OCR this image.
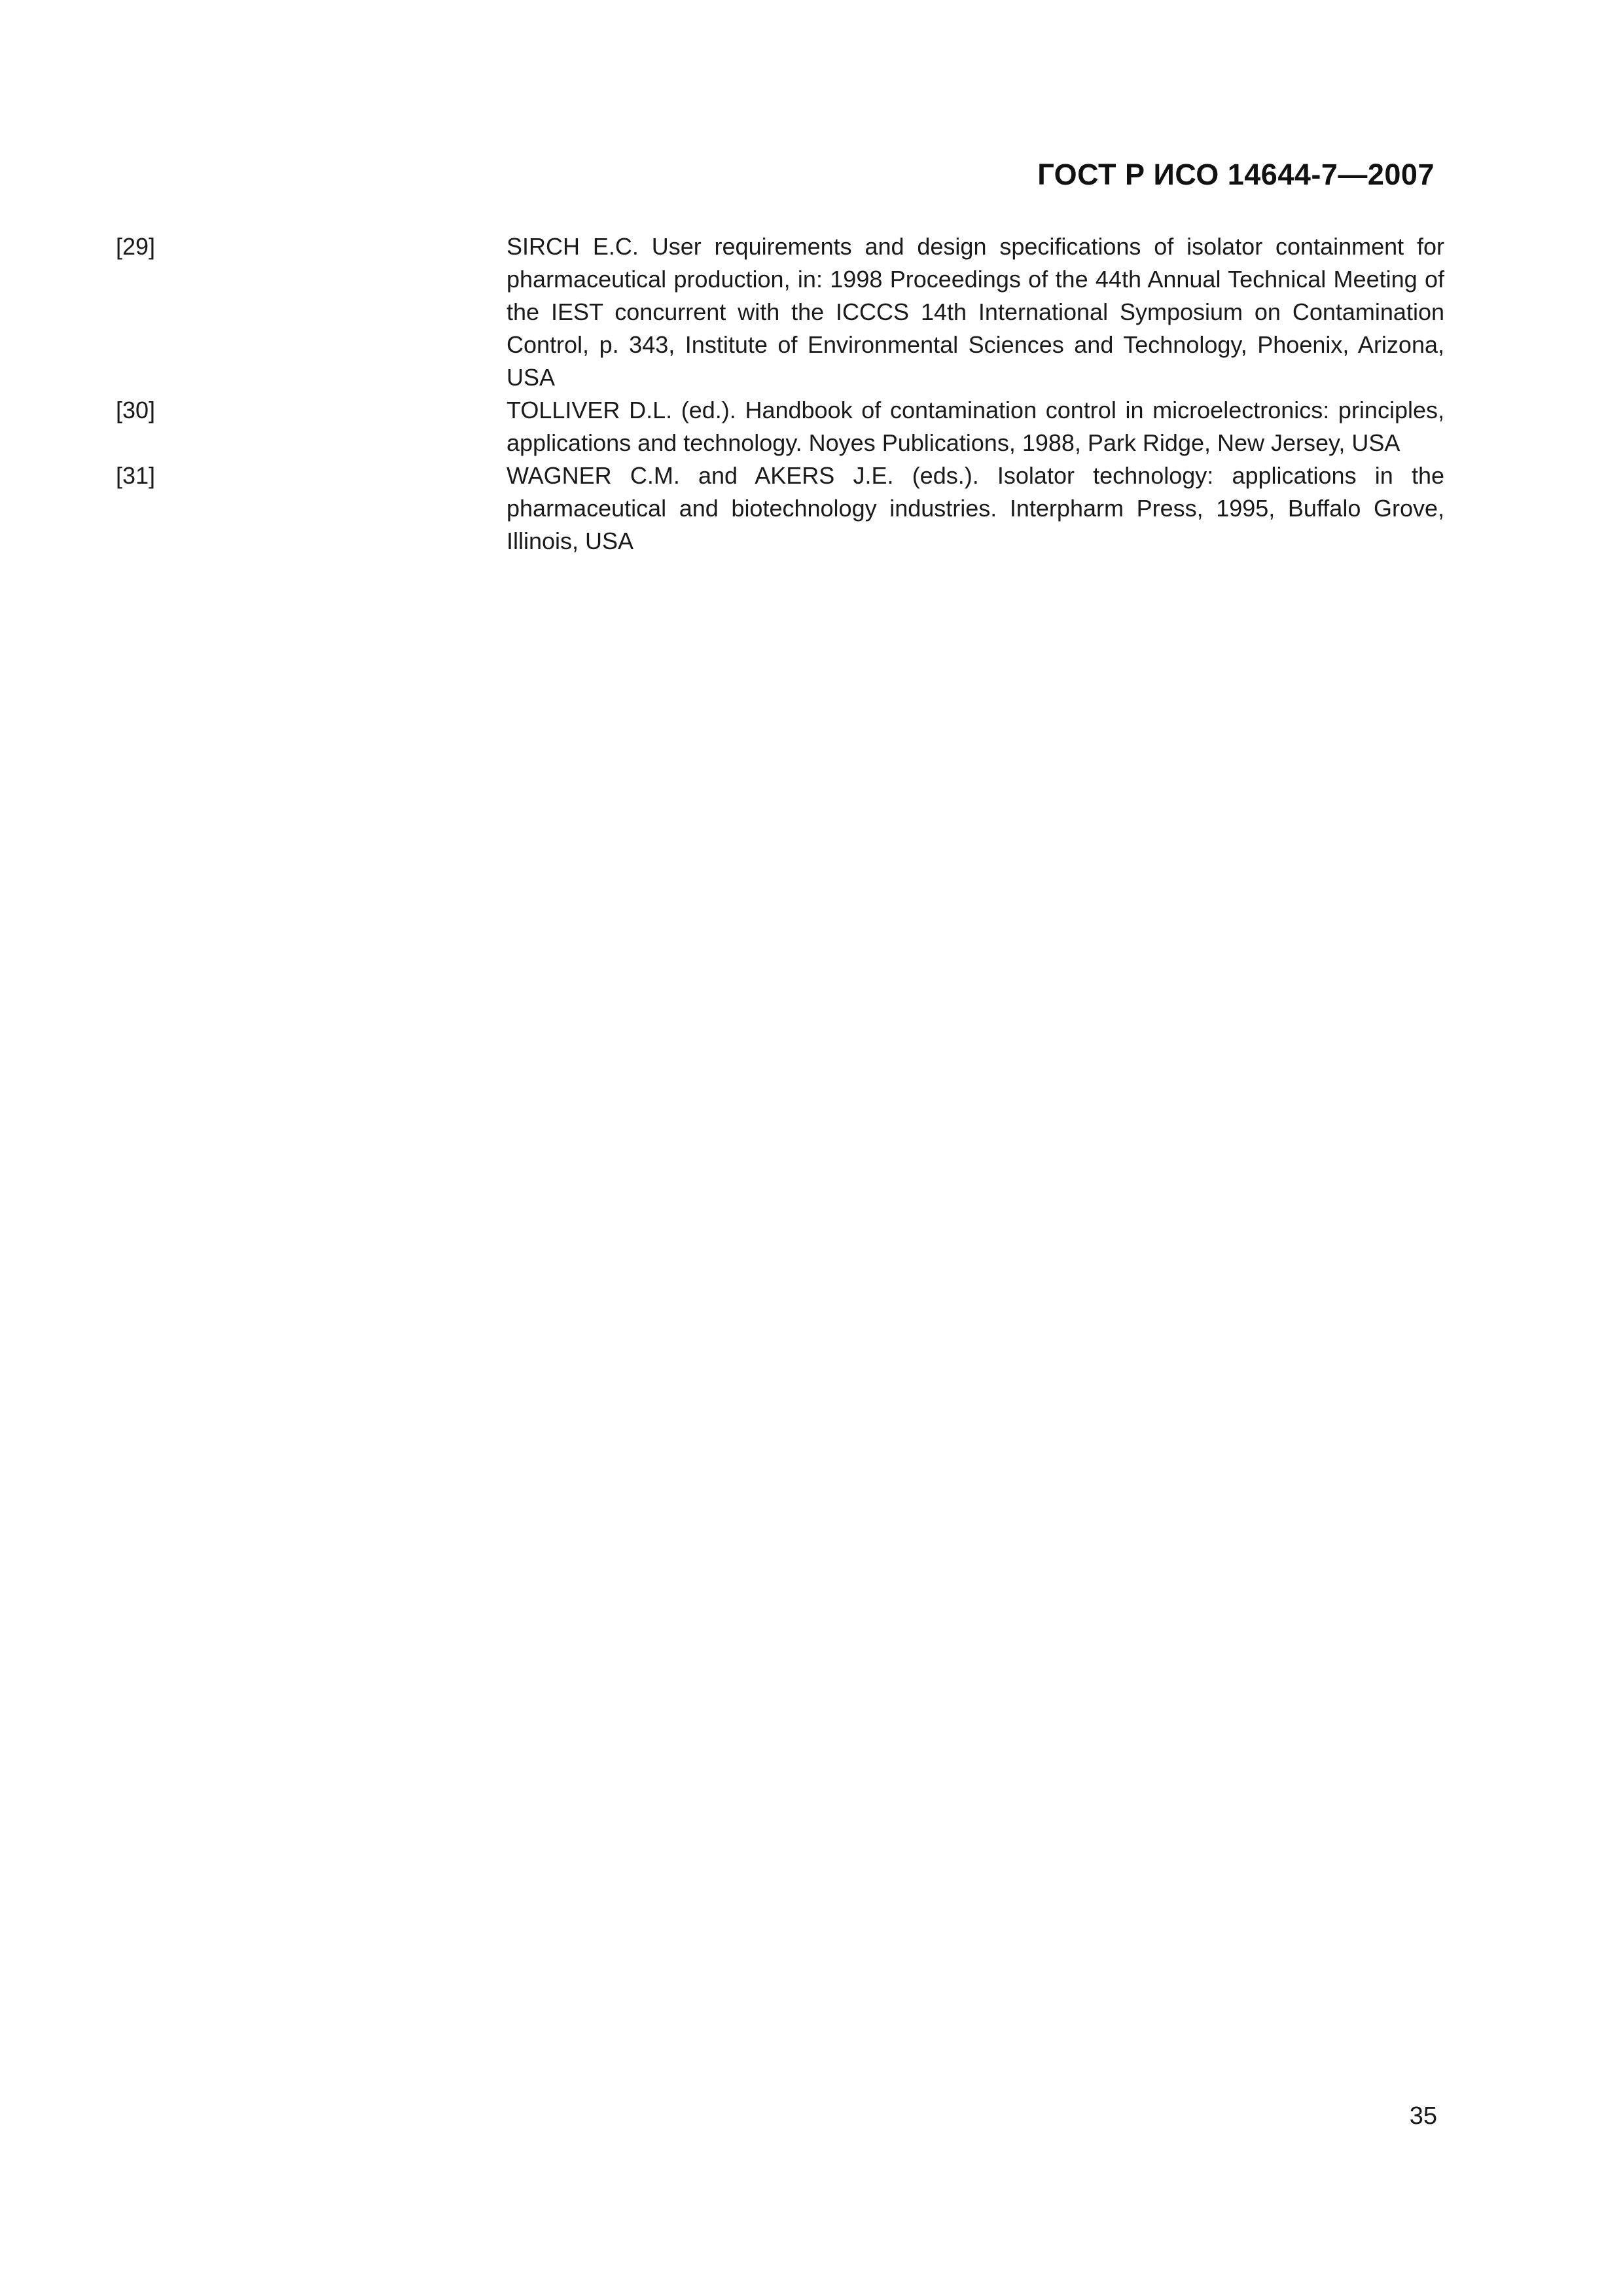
ГОСТ Р ИСО 14644-7—2007
[29]	SIRCH E.C. User requirements and design specifications of isolator containment for pharmaceutical production, in: 1998 Proceedings of the 44th Annual Technical Meeting of the IEST concurrent with the ICCCS 14th International Symposium on Contamination Control, p. 343, Institute of Environmental Sciences and Technology, Phoenix, Arizona, USA
[30]	TOLLIVER D.L. (ed.). Handbook of contamination control in microelectronics: principles, applications and technology. Noyes Publications, 1988, Park Ridge, New Jersey, USA
[31]	WAGNER C.M. and AKERS J.E. (eds.). Isolator technology: applications in the pharmaceutical and biotechnology industries. Interpharm Press, 1995, Buffalo Grove, Illinois, USA
35
